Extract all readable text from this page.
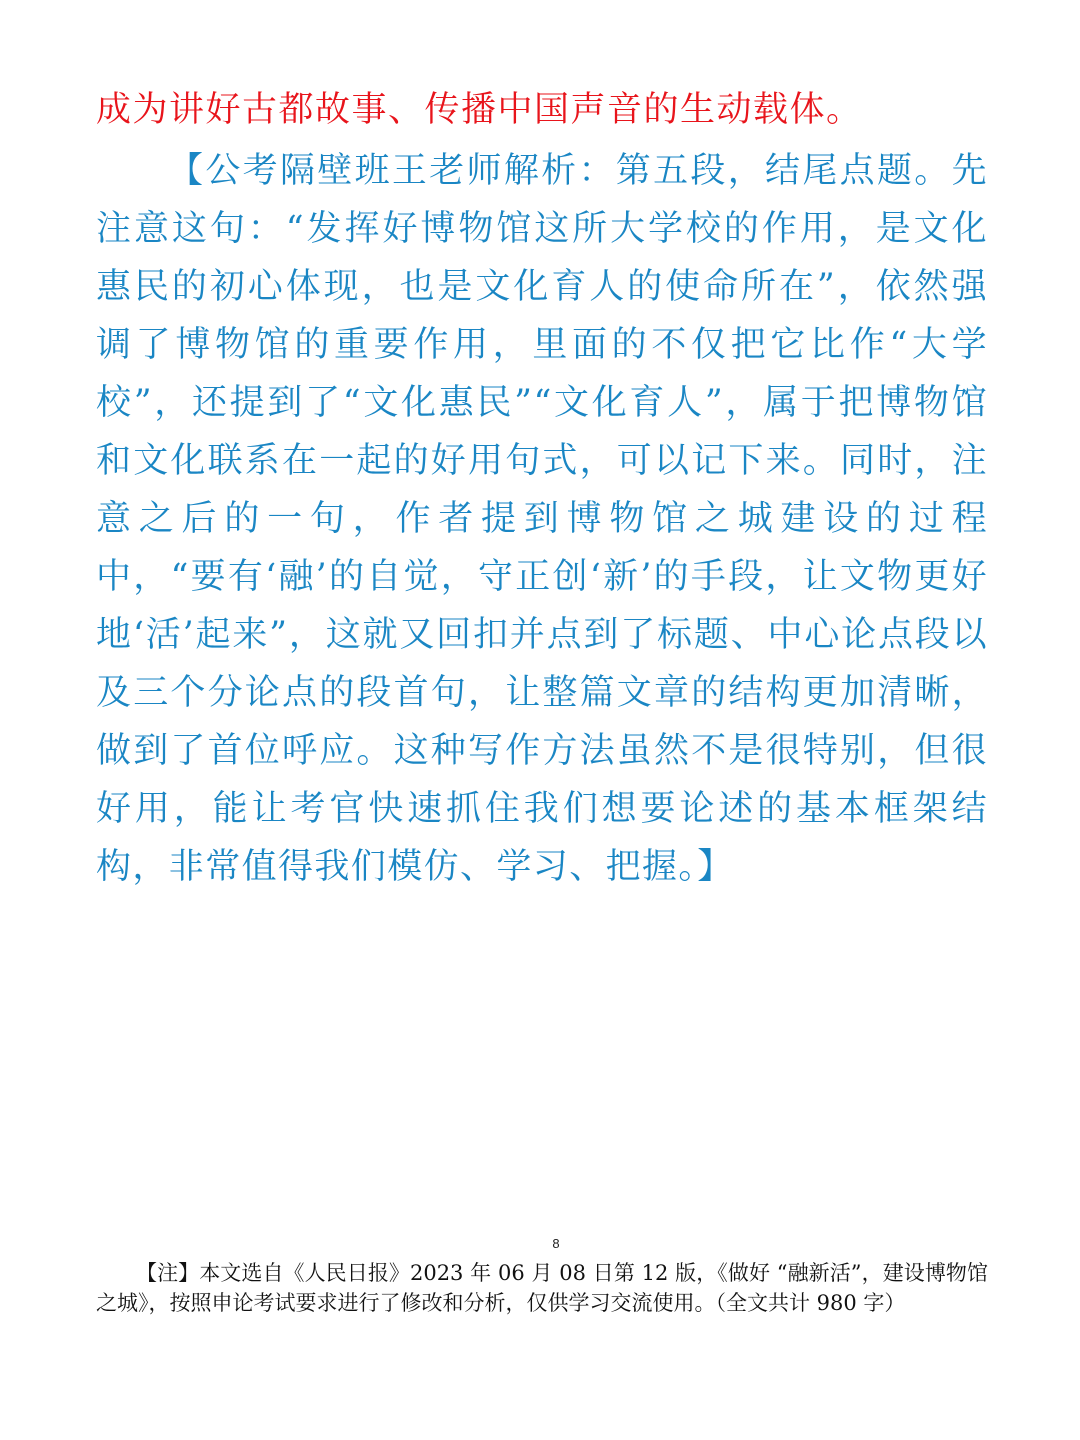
成为讲好古都故事、传播中国声音的生动载体。
【公考隔壁班王老师解析：第五段，结尾点题。先注意这句：“发挥好博物馆这所大学校的作用，是文化惠民的初心体现，也是文化育人的使命所在”，依然强调了博物馆的重要作用，里面的不仅把它比作“大学校”，还提到了“文化惠民”“文化育人”，属于把博物馆和文化联系在一起的好用句式，可以记下来。同时，注意之后的一句，作者提到博物馆之城建设的过程中，“要有‘融’的自觉，守正创‘新’的手段，让文物更好地‘活’起来”，这就又回扣并点到了标题、中心论点段以及三个分论点的段首句，让整篇文章的结构更加清晰，做到了首位呼应。这种写作方法虽然不是很特别，但很好用，能让考官快速抓住我们想要论述的基本框架结构，非常值得我们模仿、学习、把握。】
8
【注】本文选自《人民日报》2023 年 06 月 08 日第 12 版，《做好 “融新活”，建设博物馆之城》，按照申论考试要求进行了修改和分析，仅供学习交流使用。（全文共计 980 字）
